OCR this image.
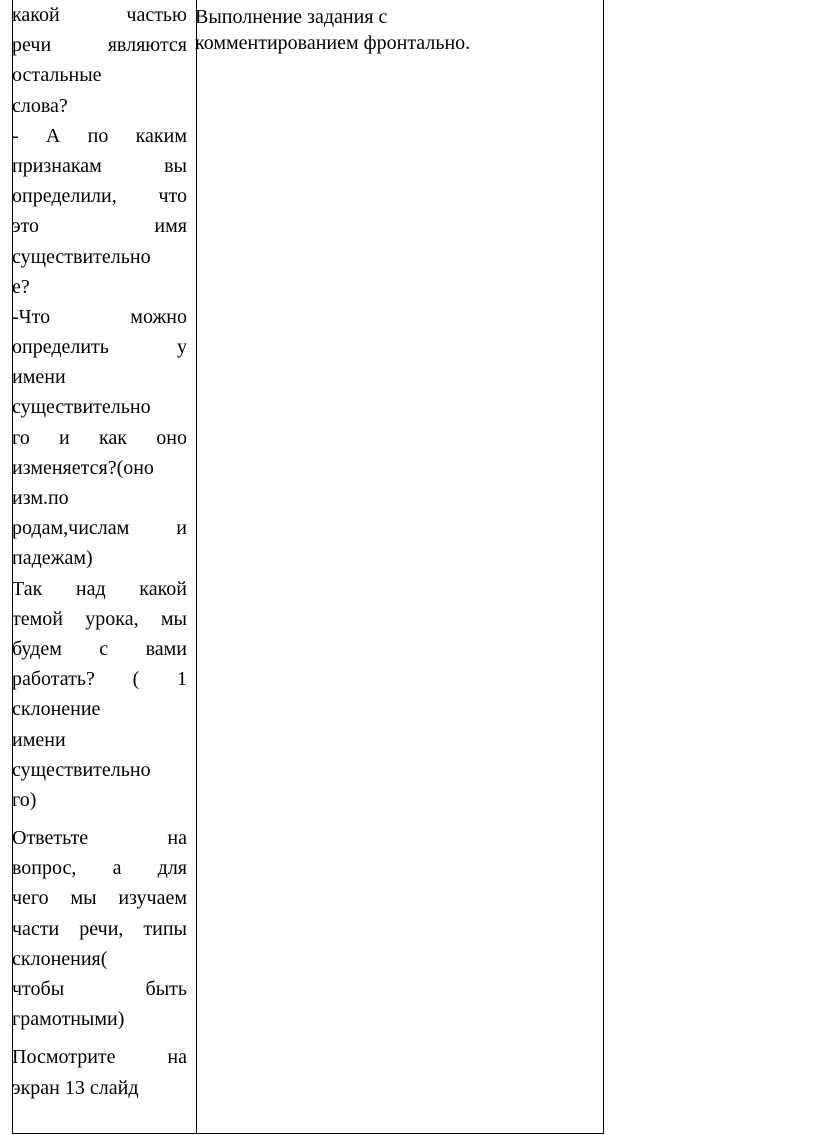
какой частью
речи являются
остальные
слова?

- А по каким
признакам вы
определили, что
это имя
существительно
е?

-Что можно
определить у
имени
существительно
го и как оно
изменяется?(оно
изм.по
родам,числам и
падежам)

Так над какой
темой урока, мы
будем с вами
работать? ( 1
склонение
имени
существительно
го)

Ответьте на
вопрос, а для
чего мы изучаем
части речи, типы
склонения(
чтобы быть
грамотными)

Посмотрите на
экран 13 слайд

Выполнение задания с
комментированием фронтально.
